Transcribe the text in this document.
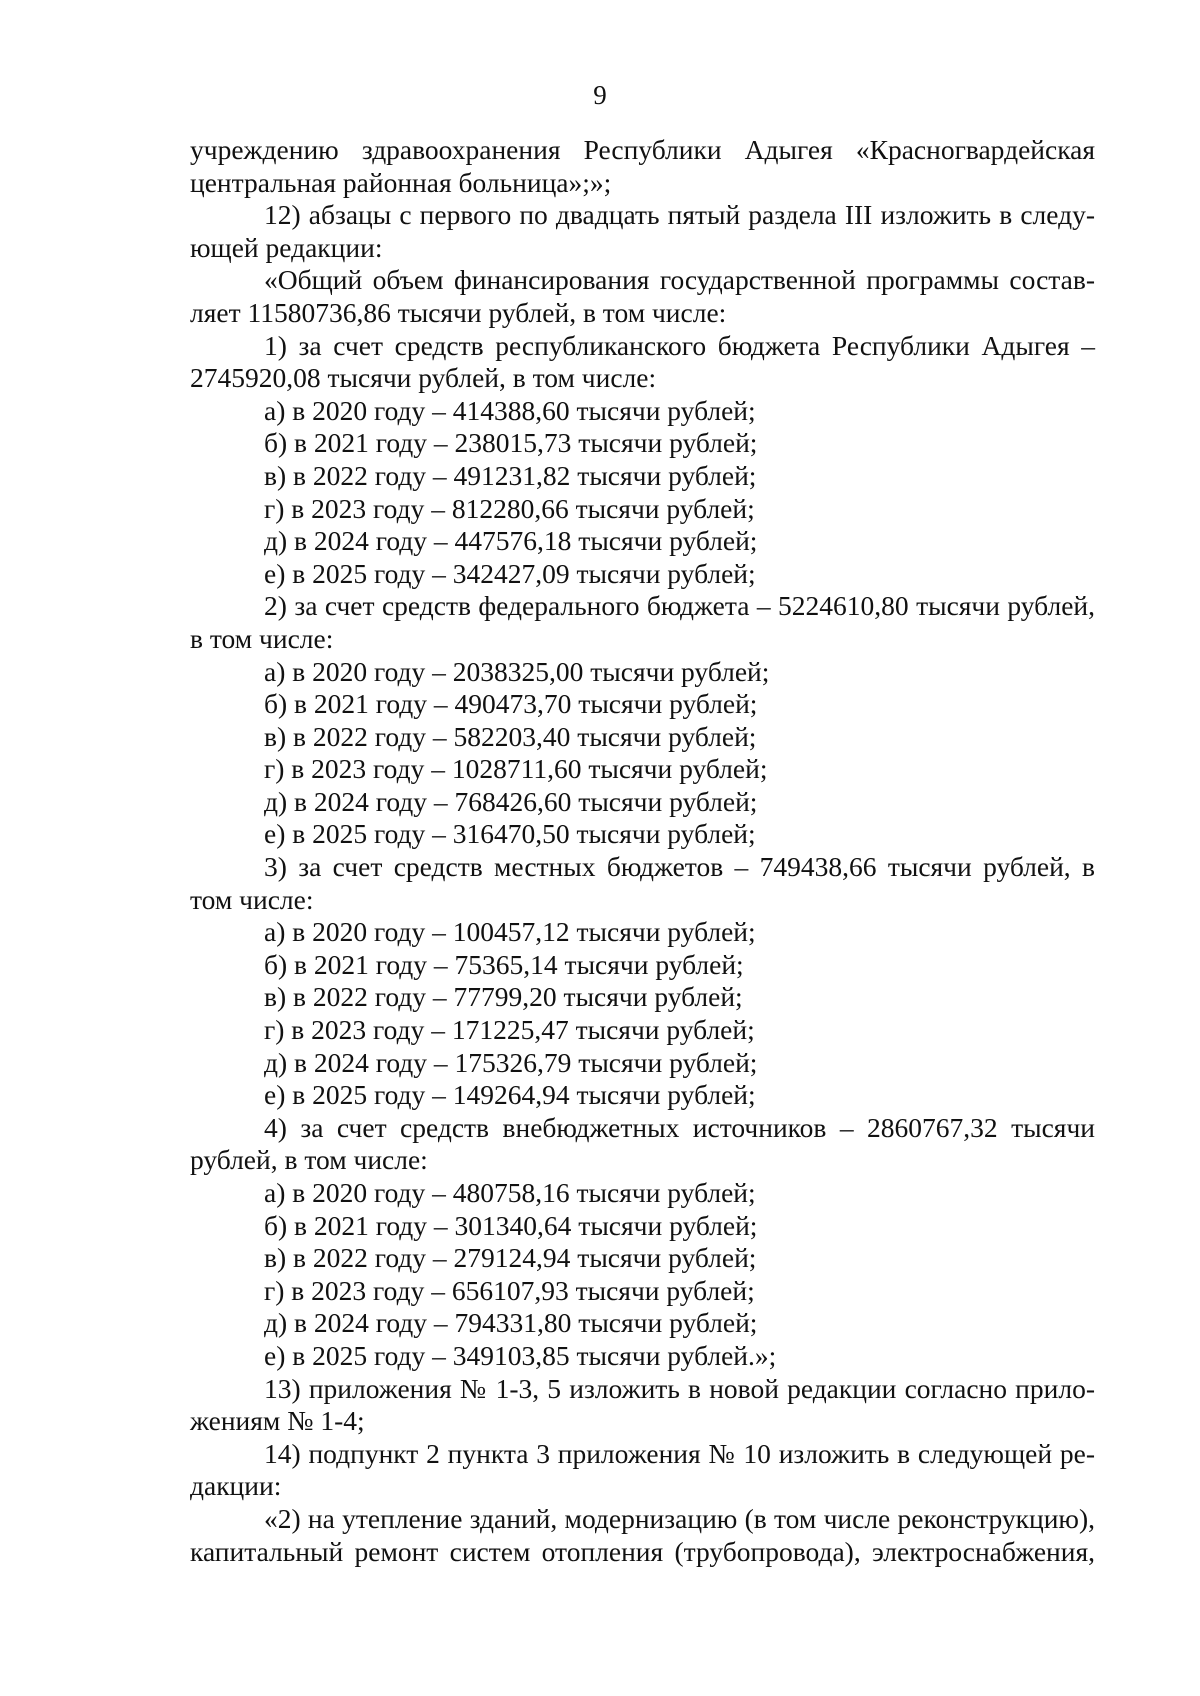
9

учреждению здравоохранения Республики Адыгея «Красногвардейская

центральная районная больница»;»;

12) абзацы с первого по двадцать пятый раздела III изложить в следу-

ющей редакции:

«Общий объем финансирования государственной программы состав-

ляет 11580736,86 тысячи рублей, в том числе:

1) за счет средств республиканского бюджета Республики Адыгея –

2745920,08 тысячи рублей, в том числе:

а) в 2020 году – 414388,60 тысячи рублей;

б) в 2021 году – 238015,73 тысячи рублей;

в) в 2022 году – 491231,82 тысячи рублей;

г) в 2023 году – 812280,66 тысячи рублей;

д) в 2024 году – 447576,18 тысячи рублей;

е) в 2025 году – 342427,09 тысячи рублей;

2) за счет средств федерального бюджета – 5224610,80 тысячи рублей,

в том числе:

а) в 2020 году – 2038325,00 тысячи рублей;

б) в 2021 году – 490473,70 тысячи рублей;

в) в 2022 году – 582203,40 тысячи рублей;

г) в 2023 году – 1028711,60 тысячи рублей;

д) в 2024 году – 768426,60 тысячи рублей;

е) в 2025 году – 316470,50 тысячи рублей;

3) за счет средств местных бюджетов – 749438,66 тысячи рублей, в

том числе:

а) в 2020 году – 100457,12 тысячи рублей;

б) в 2021 году – 75365,14 тысячи рублей;

в) в 2022 году – 77799,20 тысячи рублей;

г) в 2023 году – 171225,47 тысячи рублей;

д) в 2024 году – 175326,79 тысячи рублей;

е) в 2025 году – 149264,94 тысячи рублей;

4) за счет средств внебюджетных источников – 2860767,32 тысячи

рублей, в том числе:

а) в 2020 году – 480758,16 тысячи рублей;

б) в 2021 году – 301340,64 тысячи рублей;

в) в 2022 году – 279124,94 тысячи рублей;

г) в 2023 году – 656107,93 тысячи рублей;

д) в 2024 году – 794331,80 тысячи рублей;

е) в 2025 году – 349103,85 тысячи рублей.»;

13) приложения № 1-3, 5 изложить в новой редакции согласно прило-

жениям № 1-4;

14) подпункт 2 пункта 3 приложения № 10 изложить в следующей ре-

дакции:

«2) на утепление зданий, модернизацию (в том числе реконструкцию),

капитальный ремонт систем отопления (трубопровода), электроснабжения,
